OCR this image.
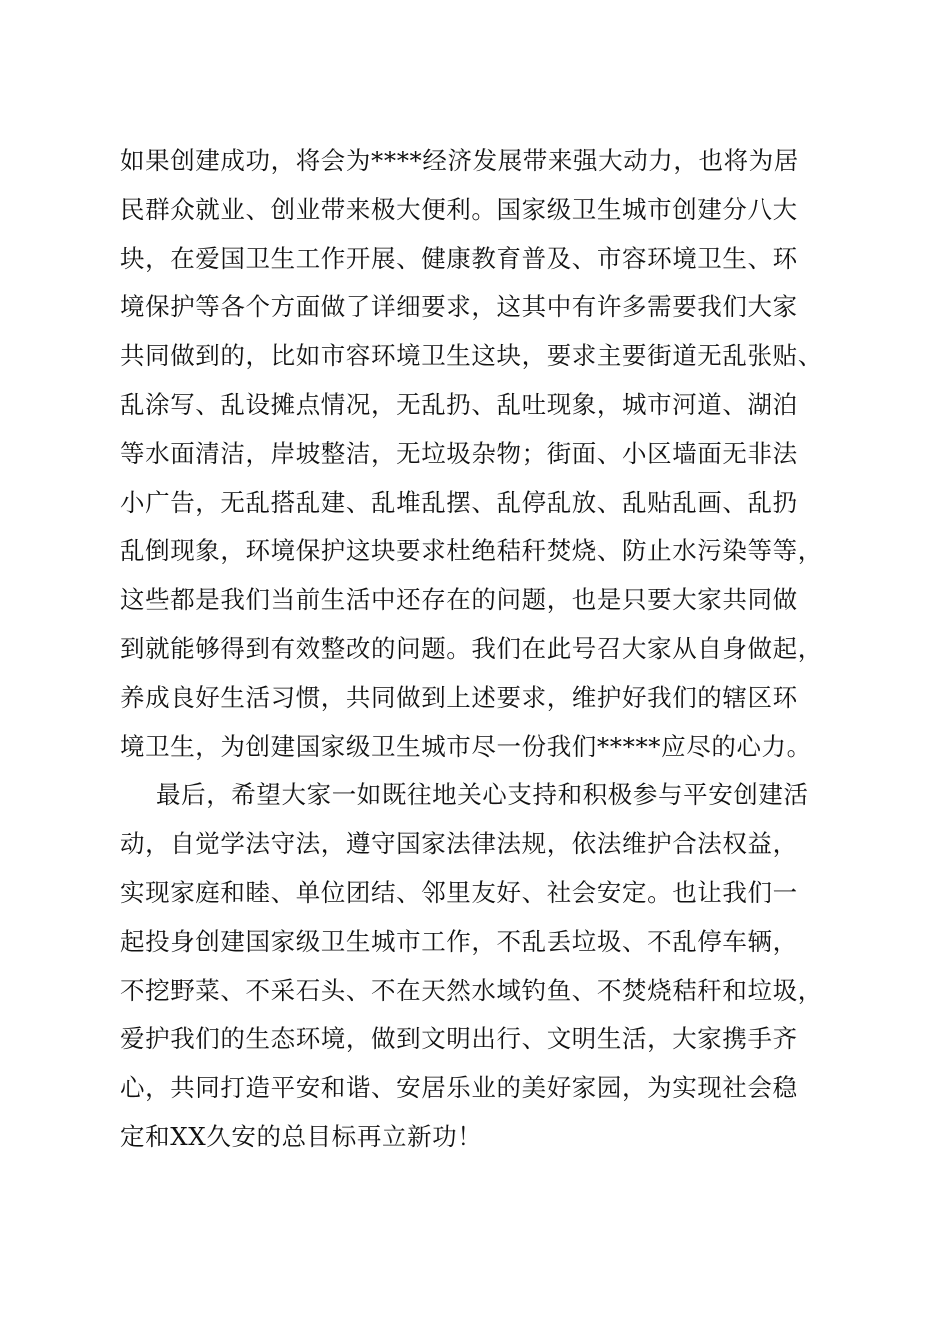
如果创建成功，将会为****经济发展带来强大动力，也将为居
民群众就业、创业带来极大便利。国家级卫生城市创建分八大
块，在爱国卫生工作开展、健康教育普及、市容环境卫生、环
境保护等各个方面做了详细要求，这其中有许多需要我们大家
共同做到的，比如市容环境卫生这块，要求主要街道无乱张贴、
乱涂写、乱设摊点情况，无乱扔、乱吐现象，城市河道、湖泊
等水面清洁，岸坡整洁，无垃圾杂物；街面、小区墙面无非法
小广告，无乱搭乱建、乱堆乱摆、乱停乱放、乱贴乱画、乱扔
乱倒现象，环境保护这块要求杜绝秸秆焚烧、防止水污染等等，
这些都是我们当前生活中还存在的问题，也是只要大家共同做
到就能够得到有效整改的问题。我们在此号召大家从自身做起，
养成良好生活习惯，共同做到上述要求，维护好我们的辖区环
境卫生，为创建国家级卫生城市尽一份我们*****应尽的心力。
最后，希望大家一如既往地关心支持和积极参与平安创建活
动，自觉学法守法，遵守国家法律法规，依法维护合法权益，
实现家庭和睦、单位团结、邻里友好、社会安定。也让我们一
起投身创建国家级卫生城市工作，不乱丢垃圾、不乱停车辆，
不挖野菜、不采石头、不在天然水域钓鱼、不焚烧秸秆和垃圾，
爱护我们的生态环境，做到文明出行、文明生活，大家携手齐
心，共同打造平安和谐、安居乐业的美好家园，为实现社会稳
定和XX久安的总目标再立新功！
